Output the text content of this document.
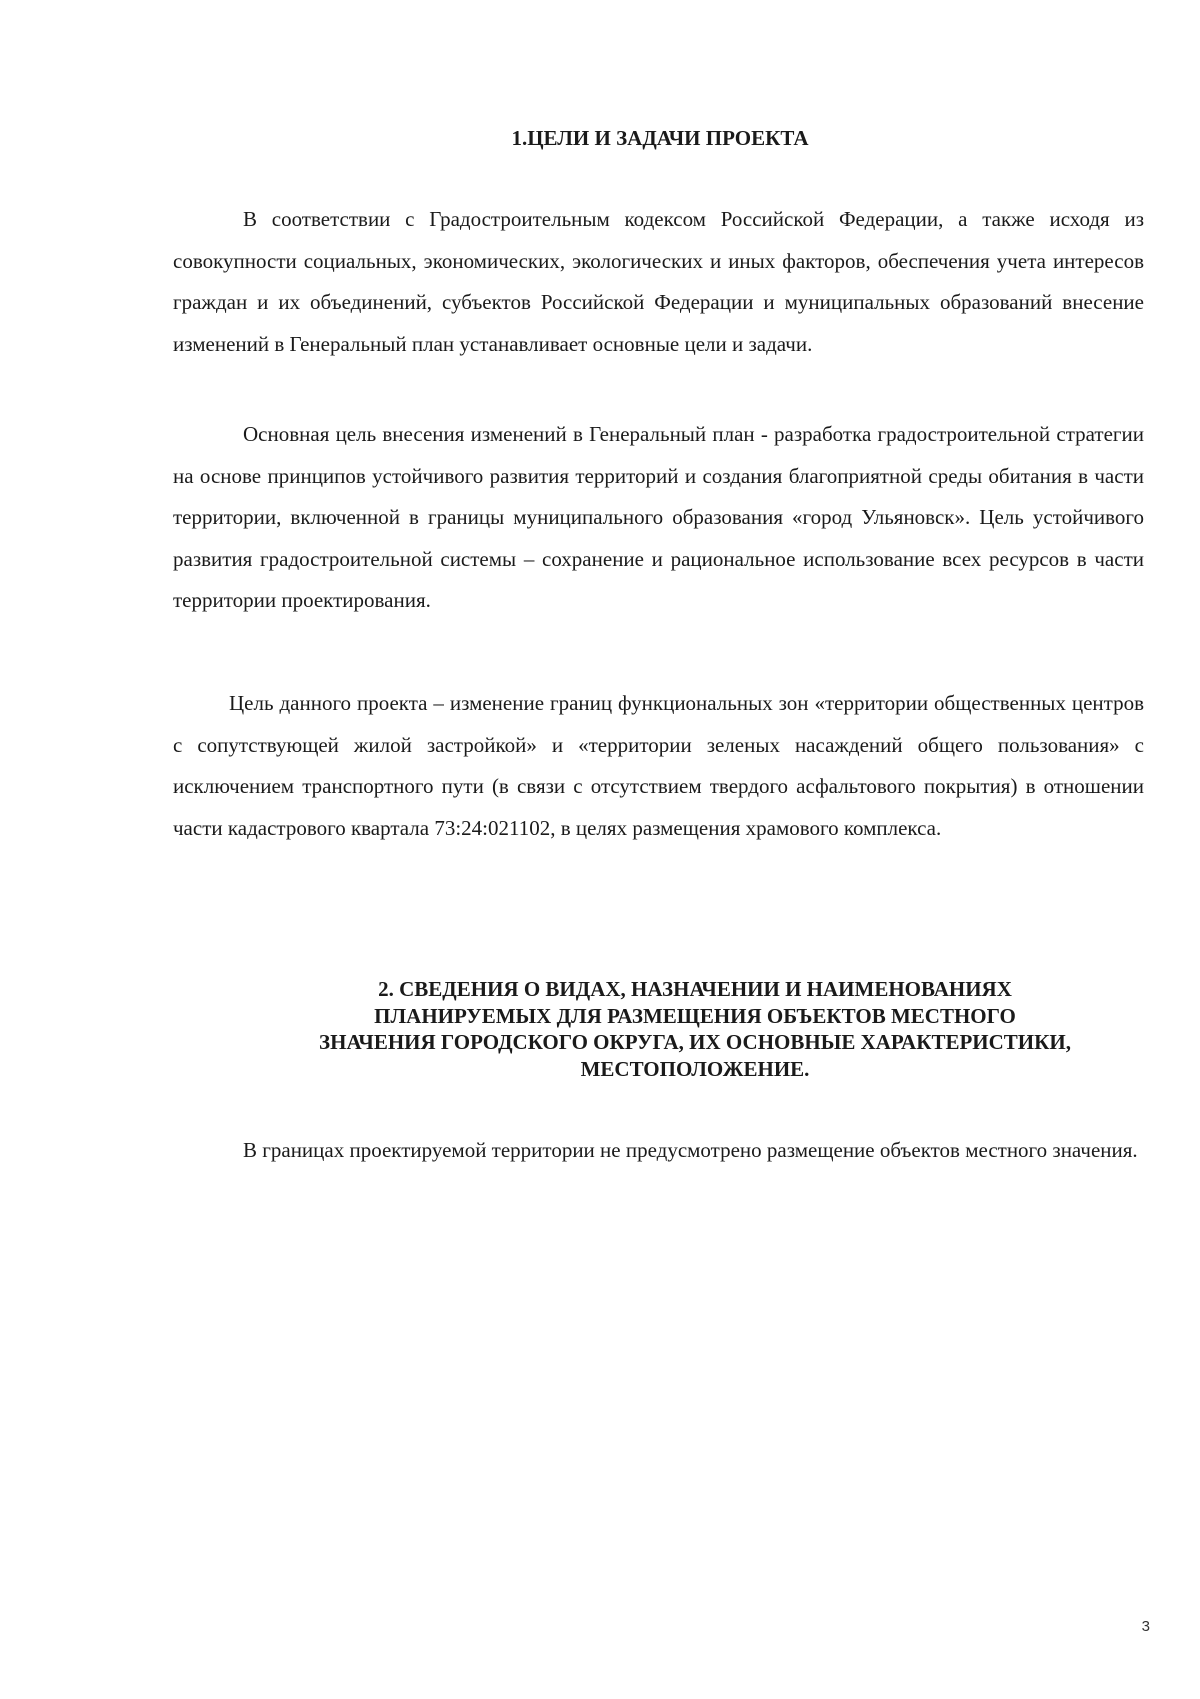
1.ЦЕЛИ И ЗАДАЧИ ПРОЕКТА

В соответствии с Градостроительным кодексом Российской Федерации, а также исходя из совокупности социальных, экономических, экологических и иных факторов, обеспечения учета интересов граждан и их объединений, субъектов Российской Федерации и муниципальных образований внесение изменений в Генеральный план устанавливает основные цели и задачи.

Основная цель внесения изменений в Генеральный план - разработка градостроительной стратегии на основе принципов устойчивого развития территорий и создания благоприятной среды обитания в части территории, включенной в границы муниципального образования «город Ульяновск». Цель устойчивого развития градостроительной системы – сохранение и рациональное использование всех ресурсов в части территории проектирования.

Цель данного проекта – изменение границ функциональных зон «территории общественных центров с сопутствующей жилой застройкой» и «территории зеленых насаждений общего пользования» с исключением транспортного пути (в связи с отсутствием твердого асфальтового покрытия) в отношении части кадастрового квартала 73:24:021102, в целях размещения храмового комплекса.

2. СВЕДЕНИЯ О ВИДАХ, НАЗНАЧЕНИИ И НАИМЕНОВАНИЯХ
ПЛАНИРУЕМЫХ ДЛЯ РАЗМЕЩЕНИЯ ОБЪЕКТОВ МЕСТНОГО
ЗНАЧЕНИЯ ГОРОДСКОГО ОКРУГА, ИХ ОСНОВНЫЕ ХАРАКТЕРИСТИКИ,
МЕСТОПОЛОЖЕНИЕ.

В границах проектируемой территории не предусмотрено размещение объектов местного значения.

3
